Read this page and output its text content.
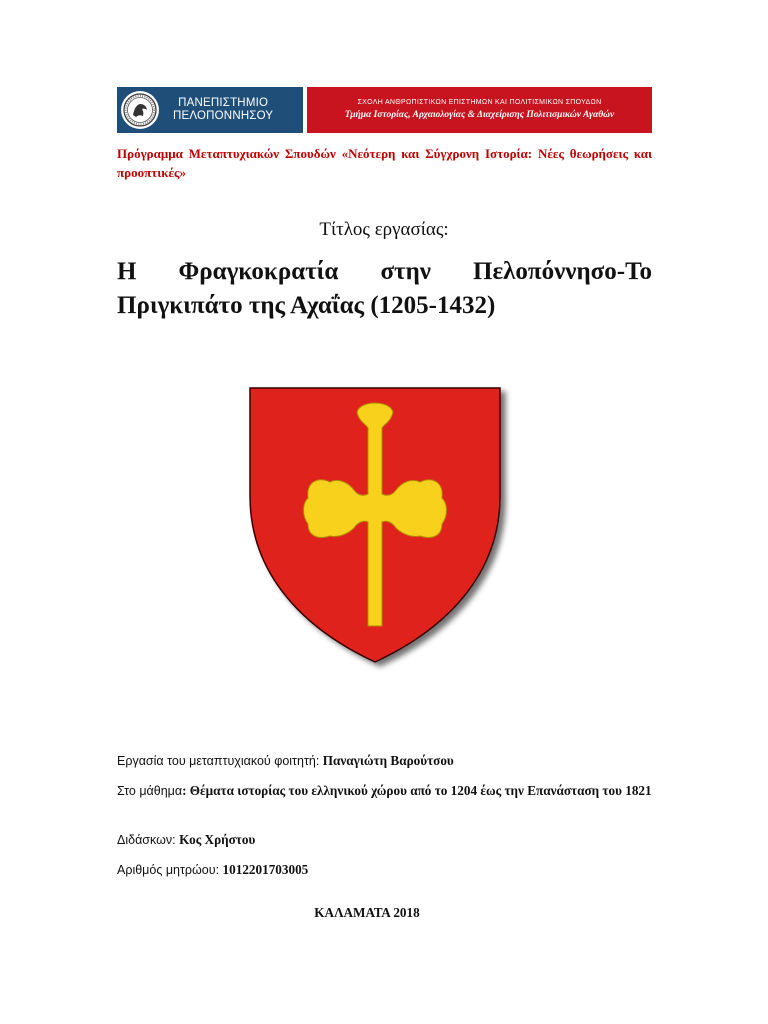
ΠΑΝΕΠΙΣΤΗΜΙΟ
ΠΕΛΟΠΟΝΝΗΣΟΥ
ΣΧΟΛΗ ΑΝΘΡΩΠΙΣΤΙΚΩΝ ΕΠΙΣΤΗΜΩΝ ΚΑΙ ΠΟΛΙΤΙΣΜΙΚΩΝ ΣΠΟΥΔΩΝ
Τμήμα Ιστορίας, Αρχαιολογίας & Διαχείρισης Πολιτισμικών Αγαθών
Πρόγραμμα Μεταπτυχιακών Σπουδών «Νεότερη και Σύγχρονη Ιστορία: Νέες θεωρήσεις και προοπτικές»
Τίτλος εργασίας:
Η Φραγκοκρατία στην Πελοπόννησο-Το Πριγκιπάτο της Αχαΐας (1205-1432)
Εργασία του μεταπτυχιακού φοιτητή: Παναγιώτη Βαρούτσου
Στο μάθημα: Θέματα ιστορίας του ελληνικού χώρου από το 1204 έως την Επανάσταση του 1821
Διδάσκων: Κος Χρήστου
Αριθμός μητρώου: 1012201703005
ΚΑΛΑΜΑΤΑ 2018
